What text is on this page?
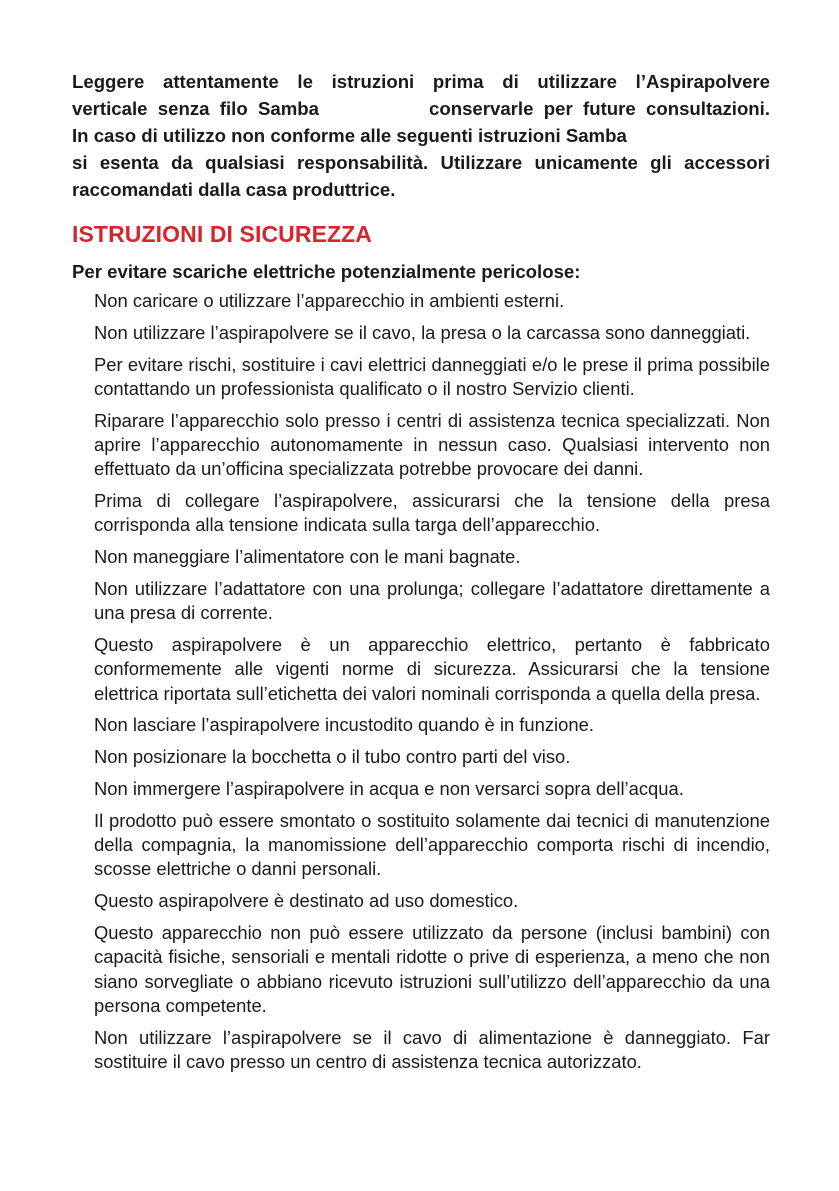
Leggere attentamente le istruzioni prima di utilizzare l’Aspirapolvere

verticale senza filo Samba	conservarle per future consultazioni.

In caso di utilizzo non conforme alle seguenti istruzioni Samba

si esenta da qualsiasi responsabilità. Utilizzare unicamente gli accessori

raccomandati dalla casa produttrice.

ISTRUZIONI DI SICUREZZA

Per evitare scariche elettriche potenzialmente pericolose:

Non caricare o utilizzare l’apparecchio in ambienti esterni.
Non utilizzare l’aspirapolvere se il cavo, la presa o la carcassa sono danneggiati.
Per evitare rischi, sostituire i cavi elettrici danneggiati e/o le prese il prima possibile contattando un professionista qualificato o il nostro Servizio clienti.
Riparare l’apparecchio solo presso i centri di assistenza tecnica specializzati. Non aprire l’apparecchio autonomamente in nessun caso. Qualsiasi intervento non effettuato da un’officina specializzata potrebbe provocare dei danni.
Prima di collegare l’aspirapolvere, assicurarsi che la tensione della presa corrisponda alla tensione indicata sulla targa dell’apparecchio.
Non maneggiare l’alimentatore con le mani bagnate.
Non utilizzare l’adattatore con una prolunga; collegare l’adattatore direttamente a una presa di corrente.
Questo aspirapolvere è un apparecchio elettrico, pertanto è fabbricato conformemente alle vigenti norme di sicurezza. Assicurarsi che la tensione elettrica riportata sull’etichetta dei valori nominali corrisponda a quella della presa.
Non lasciare l’aspirapolvere incustodito quando è in funzione.
Non posizionare la bocchetta o il tubo contro parti del viso.
Non immergere l’aspirapolvere in acqua e non versarci sopra dell’acqua.
Il prodotto può essere smontato o sostituito solamente dai tecnici di manutenzione della compagnia, la manomissione dell’apparecchio comporta rischi di incendio, scosse elettriche o danni personali.
Questo aspirapolvere è destinato ad uso domestico.
Questo apparecchio non può essere utilizzato da persone (inclusi bambini) con capacità fisiche, sensoriali e mentali ridotte o prive di esperienza, a meno che non siano sorvegliate o abbiano ricevuto istruzioni sull’utilizzo dell’apparecchio da una persona competente.
Non utilizzare l’aspirapolvere se il cavo di alimentazione è danneggiato. Far sostituire il cavo presso un centro di assistenza tecnica autorizzato.
